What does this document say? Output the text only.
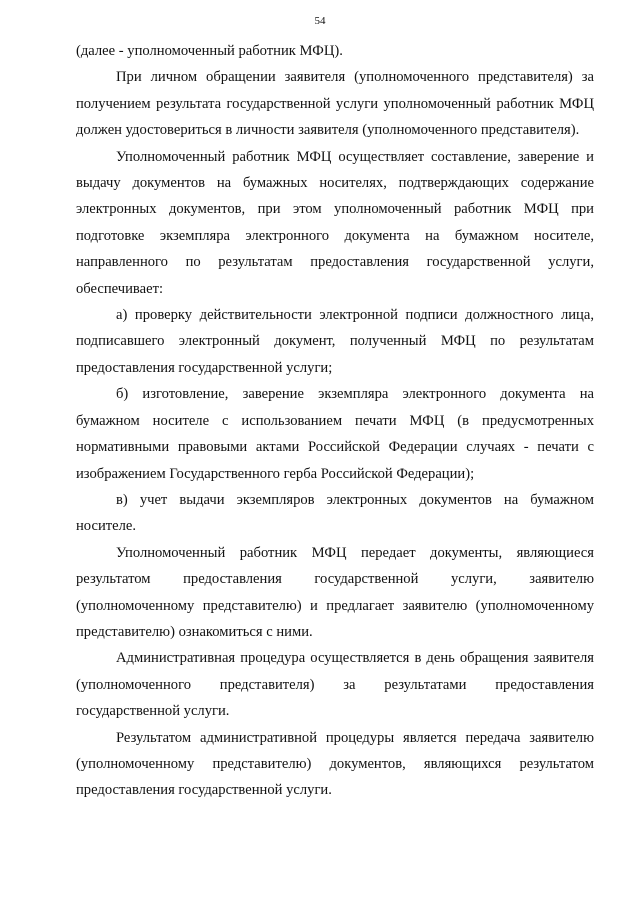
54

(далее - уполномоченный работник МФЦ).

При личном обращении заявителя (уполномоченного представителя) за получением результата государственной услуги уполномоченный работник МФЦ должен удостовериться в личности заявителя (уполномоченного представителя).

Уполномоченный работник МФЦ осуществляет составление, заверение и выдачу документов на бумажных носителях, подтверждающих содержание электронных документов, при этом уполномоченный работник МФЦ при подготовке экземпляра электронного документа на бумажном носителе, направленного по результатам предоставления государственной услуги, обеспечивает:

а) проверку действительности электронной подписи должностного лица, подписавшего электронный документ, полученный МФЦ по результатам предоставления государственной услуги;

б) изготовление, заверение экземпляра электронного документа на бумажном носителе с использованием печати МФЦ (в предусмотренных нормативными правовыми актами Российской Федерации случаях - печати с изображением Государственного герба Российской Федерации);

в) учет выдачи экземпляров электронных документов на бумажном носителе.

Уполномоченный работник МФЦ передает документы, являющиеся результатом предоставления государственной услуги, заявителю (уполномоченному представителю) и предлагает заявителю (уполномоченному представителю) ознакомиться с ними.

Административная процедура осуществляется в день обращения заявителя (уполномоченного представителя) за результатами предоставления государственной услуги.

Результатом административной процедуры является передача заявителю (уполномоченному представителю) документов, являющихся результатом предоставления государственной услуги.
